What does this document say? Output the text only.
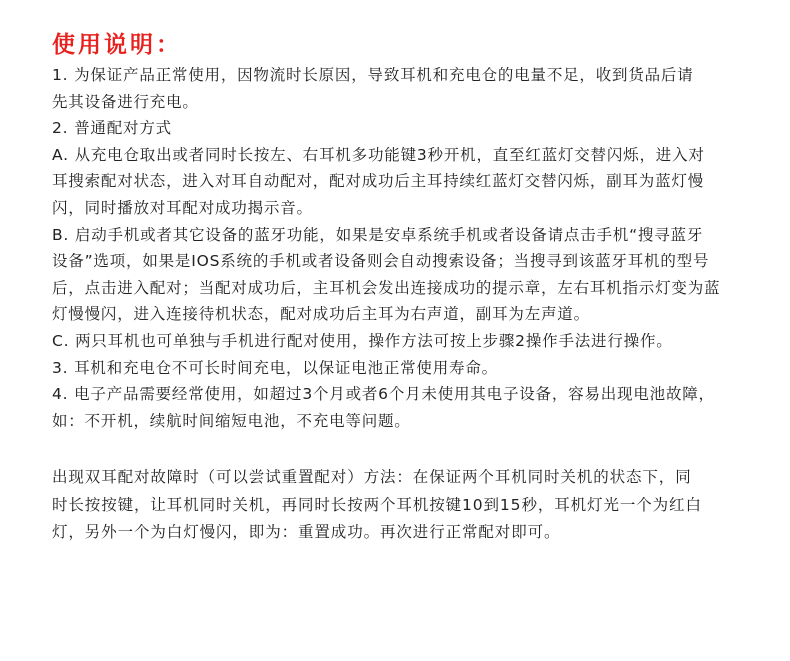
使用说明：

1. 为保证产品正常使用，因物流时长原因，导致耳机和充电仓的电量不足，收到货品后请

先其设备进行充电。

2. 普通配对方式

A. 从充电仓取出或者同时长按左、右耳机多功能键3秒开机，直至红蓝灯交替闪烁，进入对

耳搜索配对状态，进入对耳自动配对，配对成功后主耳持续红蓝灯交替闪烁，副耳为蓝灯慢

闪，同时播放对耳配对成功揭示音。

B. 启动手机或者其它设备的蓝牙功能，如果是安卓系统手机或者设备请点击手机“搜寻蓝牙

设备”选项，如果是IOS系统的手机或者设备则会自动搜索设备；当搜寻到该蓝牙耳机的型号

后，点击进入配对；当配对成功后，主耳机会发出连接成功的提示章，左右耳机指示灯变为蓝

灯慢慢闪，进入连接待机状态，配对成功后主耳为右声道，副耳为左声道。

C. 两只耳机也可单独与手机进行配对使用，操作方法可按上步骤2操作手法进行操作。

3. 耳机和充电仓不可长时间充电，以保证电池正常使用寿命。

4. 电子产品需要经常使用，如超过3个月或者6个月未使用其电子设备，容易出现电池故障，

如：不开机，续航时间缩短电池，不充电等问题。

出现双耳配对故障时（可以尝试重置配对）方法：在保证两个耳机同时关机的状态下，同

时长按按键，让耳机同时关机，再同时长按两个耳机按键10到15秒，耳机灯光一个为红白

灯，另外一个为白灯慢闪，即为：重置成功。再次进行正常配对即可。
